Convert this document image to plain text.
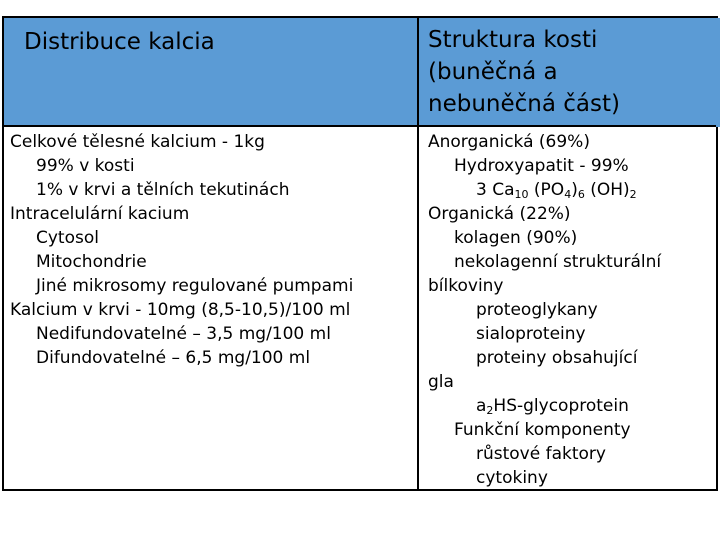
Distribuce kalcia	Struktura kosti
(buněčná a
nebuněčná část)
Celkové tělesné kalcium - 1kg
99% v kosti
1% v krvi a tělních tekutinách
Intracelulární kacium
Cytosol
Mitochondrie
Jiné mikrosomy regulované pumpami
Kalcium v krvi - 10mg (8,5-10,5)/100 ml
Nedifundovatelné – 3,5 mg/100 ml
Difundovatelné – 6,5 mg/100 ml
Anorganická (69%)
Hydroxyapatit - 99%
3 $Ca_{10}$ $(PO_4)_6$ $(OH)_2$
Organická (22%)
kolagen (90%)
nekolagenní strukturální
bílkoviny
proteoglykany
sialoproteiny
proteiny obsahující
gla
$a_2HS$-glycoprotein
Funkční komponenty
růstové faktory
cytokiny
